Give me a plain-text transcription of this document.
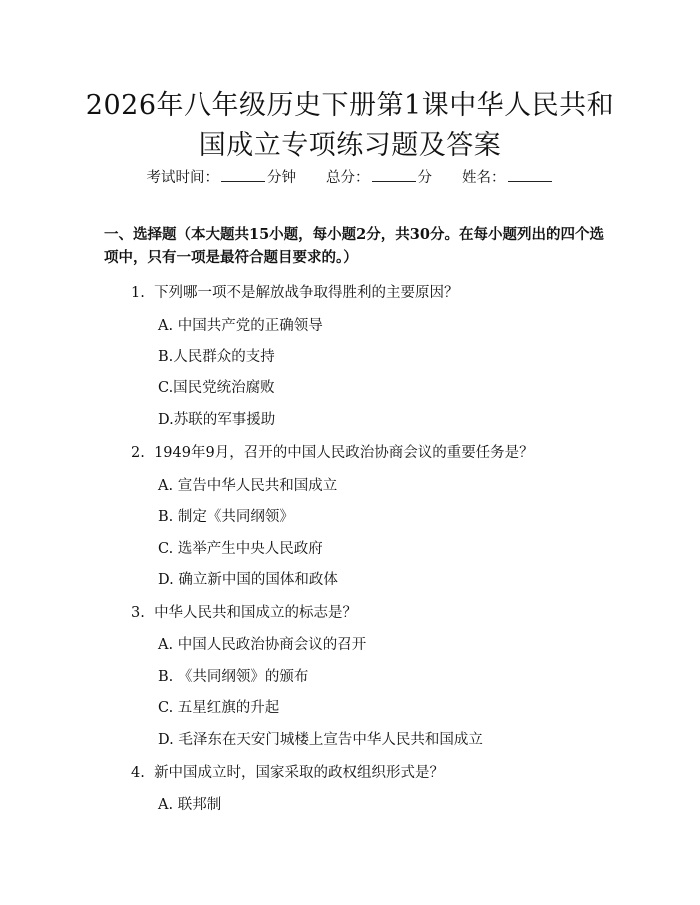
2026年八年级历史下册第1课中华人民共和
国成立专项练习题及答案
考试时间：	分钟 总分：	分 姓名：
一、选择题（本大题共15小题，每小题2分，共30分。在每小题列出的四个选项中，只有一项是最符合题目要求的。）
1. 下列哪一项不是解放战争取得胜利的主要原因？
A. 中国共产党的正确领导
B.人民群众的支持
C.国民党统治腐败
D.苏联的军事援助
2. 1949年9月，召开的中国人民政治协商会议的重要任务是？
A. 宣告中华人民共和国成立
B. 制定《共同纲领》
C. 选举产生中央人民政府
D. 确立新中国的国体和政体
3. 中华人民共和国成立的标志是？
A. 中国人民政治协商会议的召开
B. 《共同纲领》的颁布
C. 五星红旗的升起
D. 毛泽东在天安门城楼上宣告中华人民共和国成立
4. 新中国成立时，国家采取的政权组织形式是？
A. 联邦制
